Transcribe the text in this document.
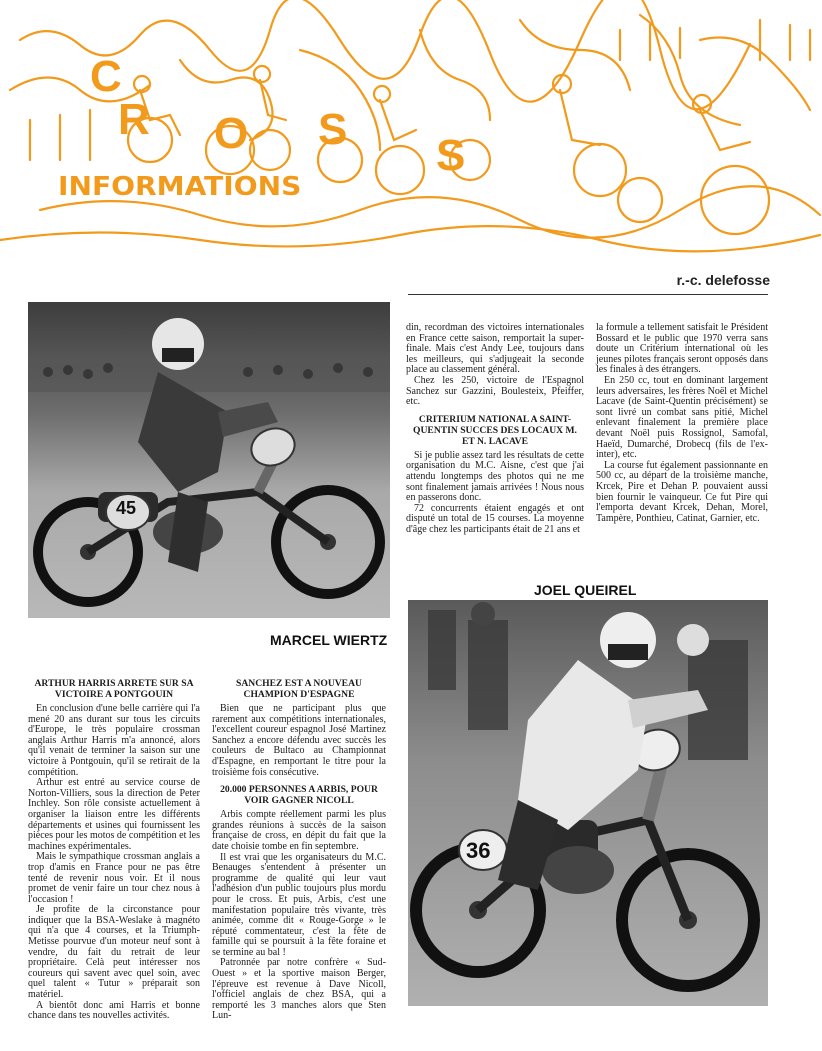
C
R O S
S
INFORMATIONS
r.-c. delefosse
45
MARCEL WIERTZ
JOEL QUEIREL
36

din, recordman des victoires internationales en France cette saison, remportait la super-finale. Mais c'est Andy Lee, toujours dans les meilleurs, qui s'adjugeait la seconde place au classement général.

Chez les 250, victoire de l'Espagnol Sanchez sur Gazzini, Boulesteix, Pfeiffer, etc.

CRITERIUM NATIONAL A SAINT-QUENTIN SUCCES DES LOCAUX M. ET N. LACAVE

Si je publie assez tard les résultats de cette organisation du M.C. Aisne, c'est que j'ai attendu longtemps des photos qui ne me sont finalement jamais arrivées ! Nous nous en passerons donc.

72 concurrents étaient engagés et ont disputé un total de 15 courses. La moyenne d'âge chez les participants était de 21 ans et

la formule a tellement satisfait le Président Bossard et le public que 1970 verra sans doute un Critérium international où les jeunes pilotes français seront opposés dans les finales à des étrangers.

En 250 cc, tout en dominant largement leurs adversaires, les frères Noël et Michel Lacave (de Saint-Quentin précisément) se sont livré un combat sans pitié, Michel enlevant finalement la première place devant Noël puis Rossignol, Samofal, Haeïd, Dumarché, Drobecq (fils de l'ex-inter), etc.

La course fut également passionnante en 500 cc, au départ de la troisième manche, Krcek, Pire et Dehan P. pouvaient aussi bien fournir le vainqueur. Ce fut Pire qui l'emporta devant Krcek, Dehan, Morel, Tampère, Ponthieu, Catinat, Garnier, etc.

ARTHUR HARRIS ARRETE SUR SA VICTOIRE A PONTGOUIN

En conclusion d'une belle carrière qui l'a mené 20 ans durant sur tous les circuits d'Europe, le très populaire crossman anglais Arthur Harris m'a annoncé, alors qu'il venait de terminer la saison sur une victoire à Pontgouin, qu'il se retirait de la compétition.

Arthur est entré au service course de Norton-Villiers, sous la direction de Peter Inchley. Son rôle consiste actuellement à organiser la liaison entre les différents départements et usines qui fournissent les pièces pour les motos de compétition et les machines expérimentales.

Mais le sympathique crossman anglais a trop d'amis en France pour ne pas être tenté de revenir nous voir. Et il nous promet de venir faire un tour chez nous à l'occasion !

Je profite de la circonstance pour indiquer que la BSA-Weslake à magnéto qui n'a que 4 courses, et la Triumph-Metisse pourvue d'un moteur neuf sont à vendre, du fait du retrait de leur propriétaire. Celà peut intéresser nos coureurs qui savent avec quel soin, avec quel talent « Tutur » préparait son matériel.

A bientôt donc ami Harris et bonne chance dans tes nouvelles activités.

SANCHEZ EST A NOUVEAU CHAMPION D'ESPAGNE

Bien que ne participant plus que rarement aux compétitions internationales, l'excellent coureur espagnol José Martinez Sanchez a encore défendu avec succès les couleurs de Bultaco au Championnat d'Espagne, en remportant le titre pour la troisième fois consécutive.

20.000 PERSONNES A ARBIS, POUR VOIR GAGNER NICOLL

Arbis compte réellement parmi les plus grandes réunions à succès de la saison française de cross, en dépit du fait que la date choisie tombe en fin septembre.

Il est vrai que les organisateurs du M.C. Benauges s'entendent à présenter un programme de qualité qui leur vaut l'adhésion d'un public toujours plus mordu pour le cross. Et puis, Arbis, c'est une manifestation populaire très vivante, très animée, comme dit « Rouge-Gorge » le réputé commentateur, c'est la fête de famille qui se poursuit à la fête foraine et se termine au bal !

Patronnée par notre confrère « Sud-Ouest » et la sportive maison Berger, l'épreuve est revenue à Dave Nicoll, l'officiel anglais de chez BSA, qui a remporté les 3 manches alors que Sten Lun-
